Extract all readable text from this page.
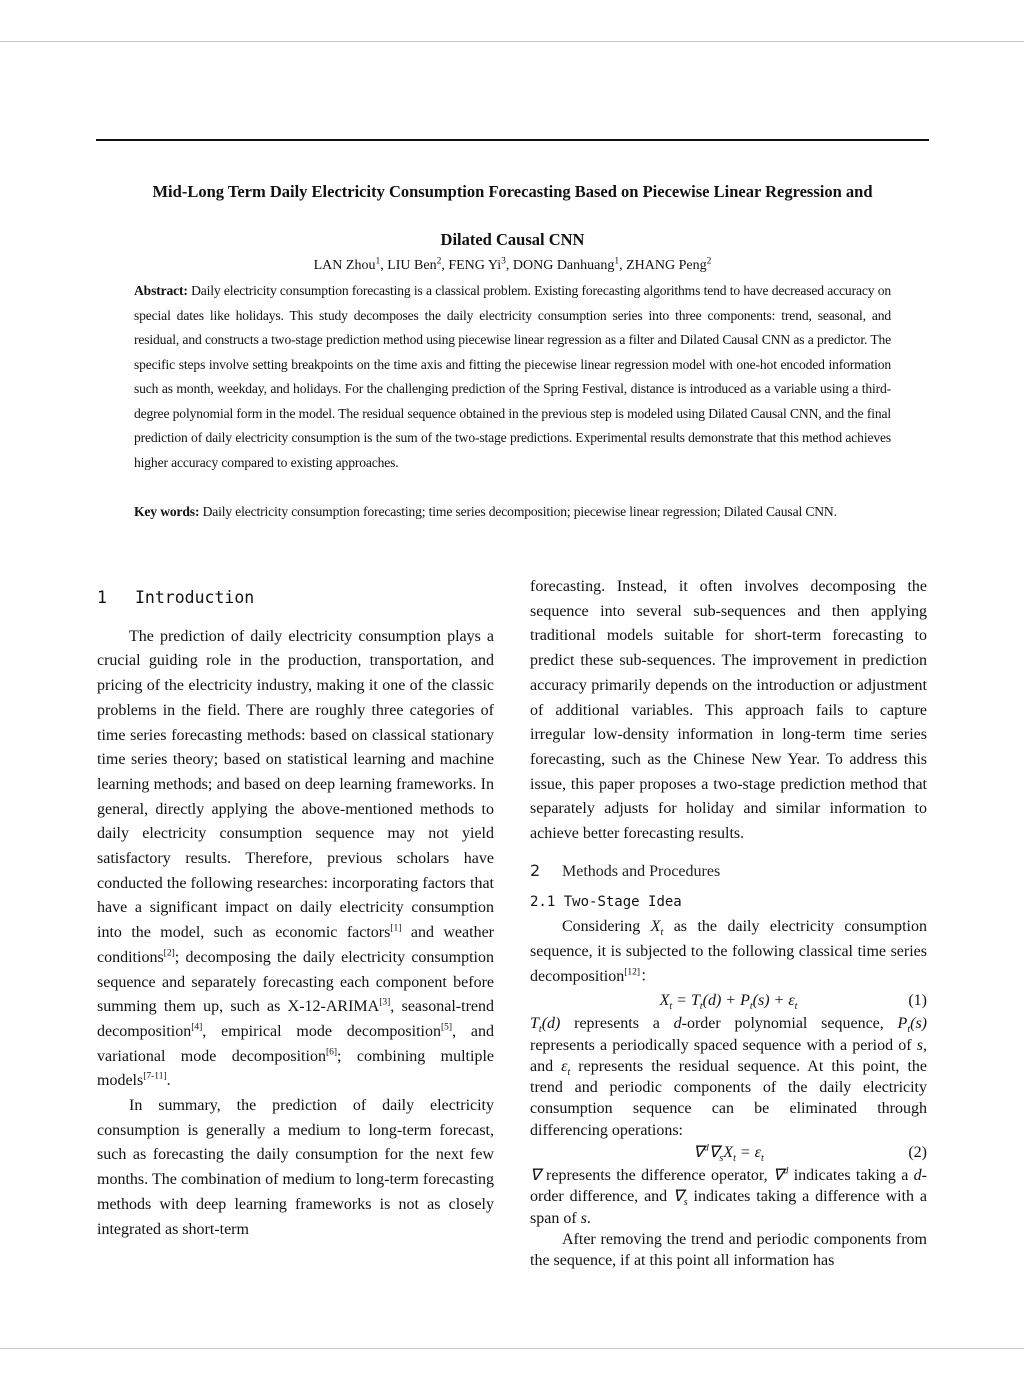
Mid-Long Term Daily Electricity Consumption Forecasting Based on Piecewise Linear Regression and
Dilated Causal CNN
LAN Zhou$^1$, LIU Ben$^2$, FENG Yi$^3$, DONG Danhuang$^1$, ZHANG Peng$^2$
Abstract: Daily electricity consumption forecasting is a classical problem. Existing forecasting algorithms tend to have decreased accuracy on special dates like holidays. This study decomposes the daily electricity consumption series into three components: trend, seasonal, and residual, and constructs a two-stage prediction method using piecewise linear regression as a filter and Dilated Causal CNN as a predictor. The specific steps involve setting breakpoints on the time axis and fitting the piecewise linear regression model with one-hot encoded information such as month, weekday, and holidays. For the challenging prediction of the Spring Festival, distance is introduced as a variable using a third-degree polynomial form in the model. The residual sequence obtained in the previous step is modeled using Dilated Causal CNN, and the final prediction of daily electricity consumption is the sum of the two-stage predictions. Experimental results demonstrate that this method achieves higher accuracy compared to existing approaches.
Key words: Daily electricity consumption forecasting; time series decomposition; piecewise linear regression; Dilated Causal CNN.
1 Introduction

The prediction of daily electricity consumption plays a crucial guiding role in the production, transportation, and pricing of the electricity industry, making it one of the classic problems in the field. There are roughly three categories of time series forecasting methods: based on classical stationary time series theory; based on statistical learning and machine learning methods; and based on deep learning frameworks. In general, directly applying the above-mentioned methods to daily electricity consumption sequence may not yield satisfactory results. Therefore, previous scholars have conducted the following researches: incorporating factors that have a significant impact on daily electricity consumption into the model, such as economic factors[1] and weather conditions[2]; decomposing the daily electricity consumption sequence and separately forecasting each component before summing them up, such as X-12-ARIMA[3], seasonal-trend decomposition[4], empirical mode decomposition[5], and variational mode decomposition[6]; combining multiple models[7-11].

In summary, the prediction of daily electricity consumption is generally a medium to long-term forecast, such as forecasting the daily consumption for the next few months. The combination of medium to long-term forecasting methods with deep learning frameworks is not as closely integrated as short-term

forecasting. Instead, it often involves decomposing the sequence into several sub-sequences and then applying traditional models suitable for short-term forecasting to predict these sub-sequences. The improvement in prediction accuracy primarily depends on the introduction or adjustment of additional variables. This approach fails to capture irregular low-density information in long-term time series forecasting, such as the Chinese New Year. To address this issue, this paper proposes a two-stage prediction method that separately adjusts for holiday and similar information to achieve better forecasting results.

2 Methods and Procedures
2.1 Two-Stage Idea

Considering $X_t$ as the daily electricity consumption sequence, it is subjected to the following classical time series decomposition[12]：

$X_t = T_t(d) + P_t(s) + \varepsilon_t$	(1)

$T_t(d)$ represents a d-order polynomial sequence, $P_t(s)$ represents a periodically spaced sequence with a period of s, and $\varepsilon_t$ represents the residual sequence. At this point, the trend and periodic components of the daily electricity consumption sequence can be eliminated through differencing operations:

$\nabla^d\nabla_sX_t = \varepsilon_t$	(2)

∇ represents the difference operator, ∇$^d$ indicates taking a d-order difference, and $\nabla_s$ indicates taking a difference with a span of s.

After removing the trend and periodic components from the sequence, if at this point all information has
